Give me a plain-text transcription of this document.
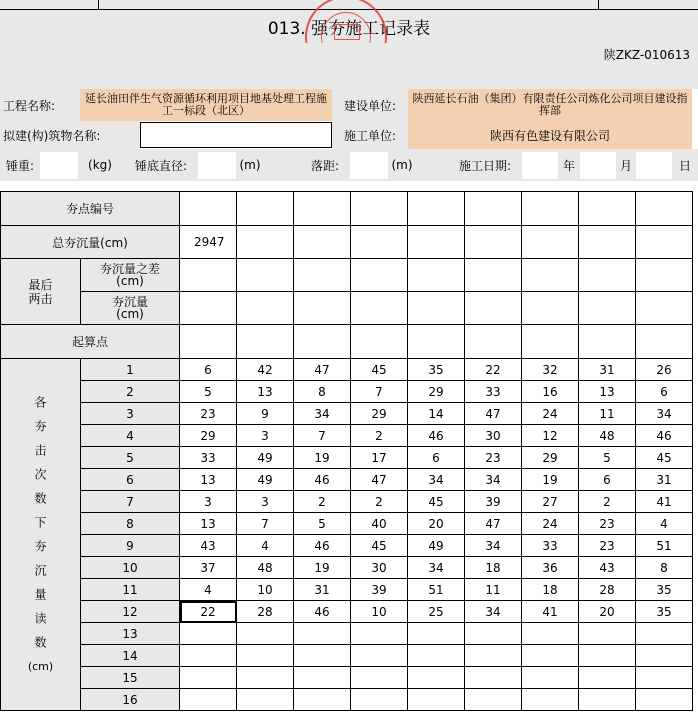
013. 强夯施工记录表
陕ZKZ-010613
工程名称:	延长油田伴生气资源循环利用项目地基处理工程施工一标段（北区）	建设单位:	陕西延长石油（集团）有限责任公司炼化公司项目建设指挥部
拟建(构)筑物名称:	施工单位:	陕西有色建设有限公司
锤重:	(kg)	锤底直径:	(m)	落距:	(m)	施工日期:	年	月	日
夯点编号										
总夯沉量(cm)		2947								
最后两击	夯沉量之差(cm)									
	夯沉量(cm)									
起算点										

各夯击次数下夯沉量读数
(cm)	1	6	42	47	45	35	22	32	31	26
	2	5	13	8	7	29	33	16	13	6
	3	23	9	34	29	14	47	24	11	34
	4	29	3	7	2	46	30	12	48	46
	5	33	49	19	17	6	23	29	5	45
	6	13	49	46	47	34	34	19	6	31
	7	3	3	2	2	45	39	27	2	41
	8	13	7	5	40	20	47	24	23	4
	9	43	4	46	45	49	34	33	23	51
	10	37	48	19	30	34	18	36	43	8
	11	4	10	31	39	51	11	18	28	35
	12	22	28	46	10	25	34	41	20	35
	13									
	14									
	15									
	16									
